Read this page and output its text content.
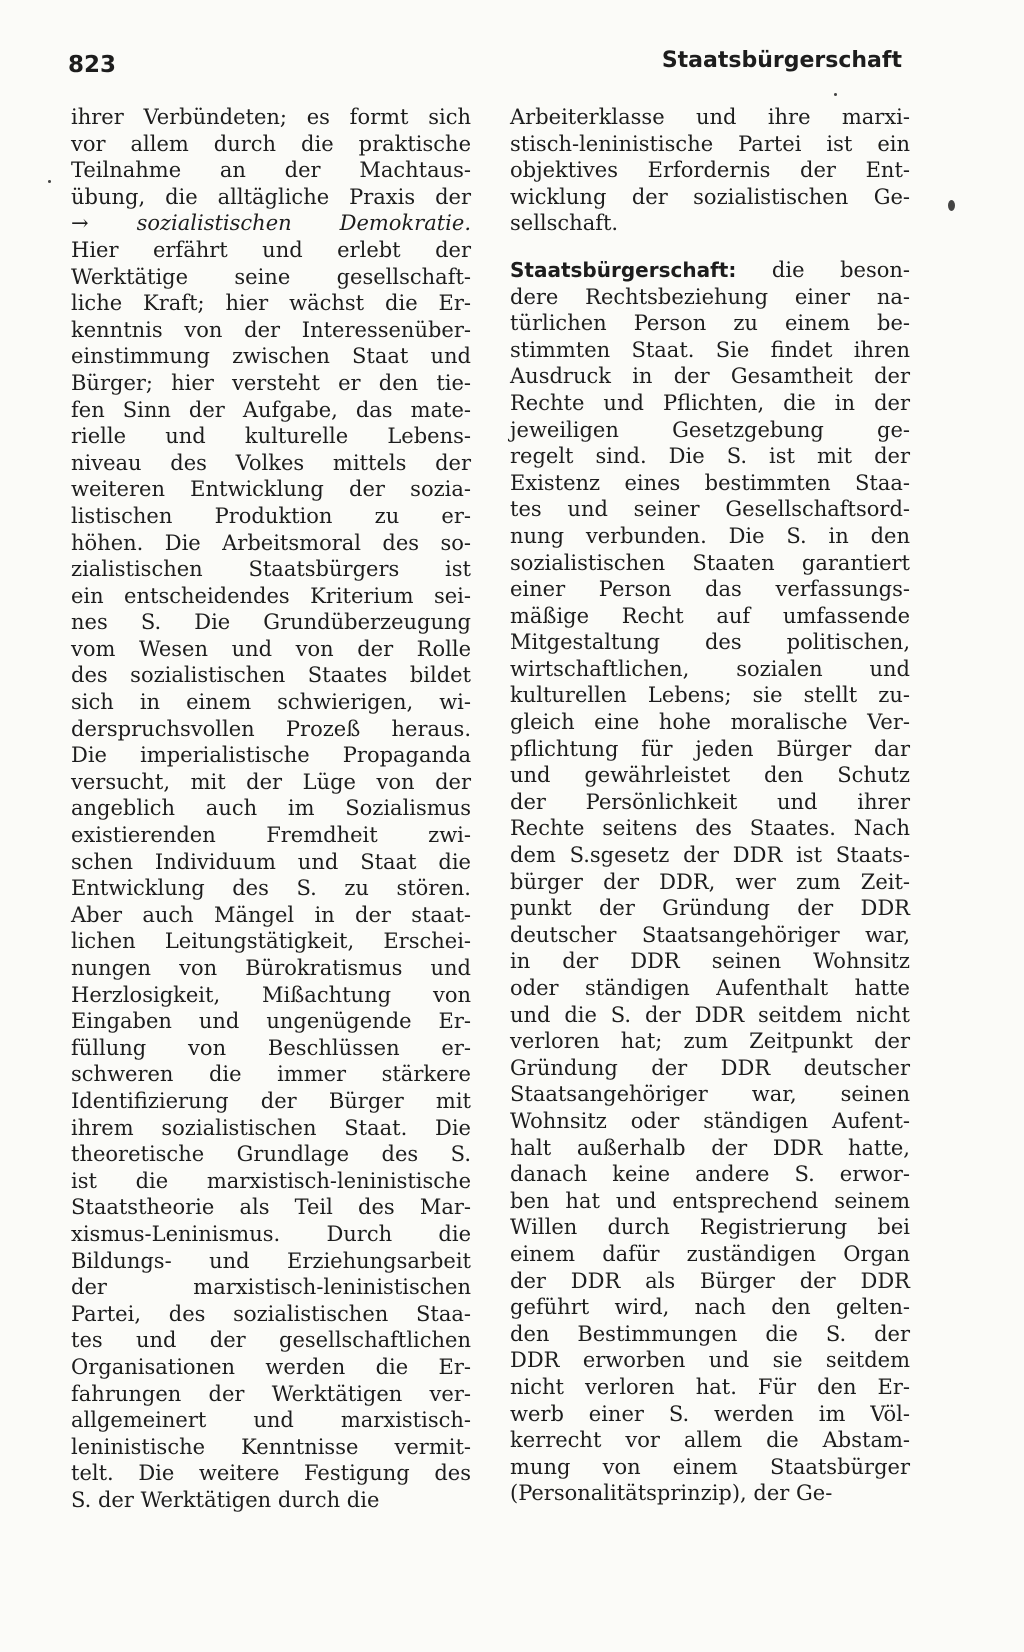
823	Staatsbürgerschaft
ihrer Verbündeten; es formt sich
vor allem durch die praktische
Teilnahme an der Machtaus-
übung, die alltägliche Praxis der
→ sozialistischen Demokratie.
Hier erfährt und erlebt der
Werktätige seine gesellschaft-
liche Kraft; hier wächst die Er-
kenntnis von der Interessenüber-
einstimmung zwischen Staat und
Bürger; hier versteht er den tie-
fen Sinn der Aufgabe, das mate-
rielle und kulturelle Lebens-
niveau des Volkes mittels der
weiteren Entwicklung der sozia-
listischen Produktion zu er-
höhen. Die Arbeitsmoral des so-
zialistischen Staatsbürgers ist
ein entscheidendes Kriterium sei-
nes S. Die Grundüberzeugung
vom Wesen und von der Rolle
des sozialistischen Staates bildet
sich in einem schwierigen, wi-
derspruchsvollen Prozeß heraus.
Die imperialistische Propaganda
versucht, mit der Lüge von der
angeblich auch im Sozialismus
existierenden Fremdheit zwi-
schen Individuum und Staat die
Entwicklung des S. zu stören.
Aber auch Mängel in der staat-
lichen Leitungstätigkeit, Erschei-
nungen von Bürokratismus und
Herzlosigkeit, Mißachtung von
Eingaben und ungenügende Er-
füllung von Beschlüssen er-
schweren die immer stärkere
Identifizierung der Bürger mit
ihrem sozialistischen Staat. Die
theoretische Grundlage des S.
ist die marxistisch-leninistische
Staatstheorie als Teil des Mar-
xismus-Leninismus. Durch die
Bildungs- und Erziehungsarbeit
der marxistisch-leninistischen
Partei, des sozialistischen Staa-
tes und der gesellschaftlichen
Organisationen werden die Er-
fahrungen der Werktätigen ver-
allgemeinert und marxistisch-
leninistische Kenntnisse vermit-
telt. Die weitere Festigung des
S. der Werktätigen durch die
Arbeiterklasse und ihre marxi-
stisch-leninistische Partei ist ein
objektives Erfordernis der Ent-
wicklung der sozialistischen Ge-
sellschaft.
Staatsbürgerschaft: die beson-
dere Rechtsbeziehung einer na-
türlichen Person zu einem be-
stimmten Staat. Sie findet ihren
Ausdruck in der Gesamtheit der
Rechte und Pflichten, die in der
jeweiligen Gesetzgebung ge-
regelt sind. Die S. ist mit der
Existenz eines bestimmten Staa-
tes und seiner Gesellschaftsord-
nung verbunden. Die S. in den
sozialistischen Staaten garantiert
einer Person das verfassungs-
mäßige Recht auf umfassende
Mitgestaltung des politischen,
wirtschaftlichen, sozialen und
kulturellen Lebens; sie stellt zu-
gleich eine hohe moralische Ver-
pflichtung für jeden Bürger dar
und gewährleistet den Schutz
der Persönlichkeit und ihrer
Rechte seitens des Staates. Nach
dem S.sgesetz der DDR ist Staats-
bürger der DDR, wer zum Zeit-
punkt der Gründung der DDR
deutscher Staatsangehöriger war,
in der DDR seinen Wohnsitz
oder ständigen Aufenthalt hatte
und die S. der DDR seitdem nicht
verloren hat; zum Zeitpunkt der
Gründung der DDR deutscher
Staatsangehöriger war, seinen
Wohnsitz oder ständigen Aufent-
halt außerhalb der DDR hatte,
danach keine andere S. erwor-
ben hat und entsprechend seinem
Willen durch Registrierung bei
einem dafür zuständigen Organ
der DDR als Bürger der DDR
geführt wird, nach den gelten-
den Bestimmungen die S. der
DDR erworben und sie seitdem
nicht verloren hat. Für den Er-
werb einer S. werden im Völ-
kerrecht vor allem die Abstam-
mung von einem Staatsbürger
(Personalitätsprinzip), der Ge-
